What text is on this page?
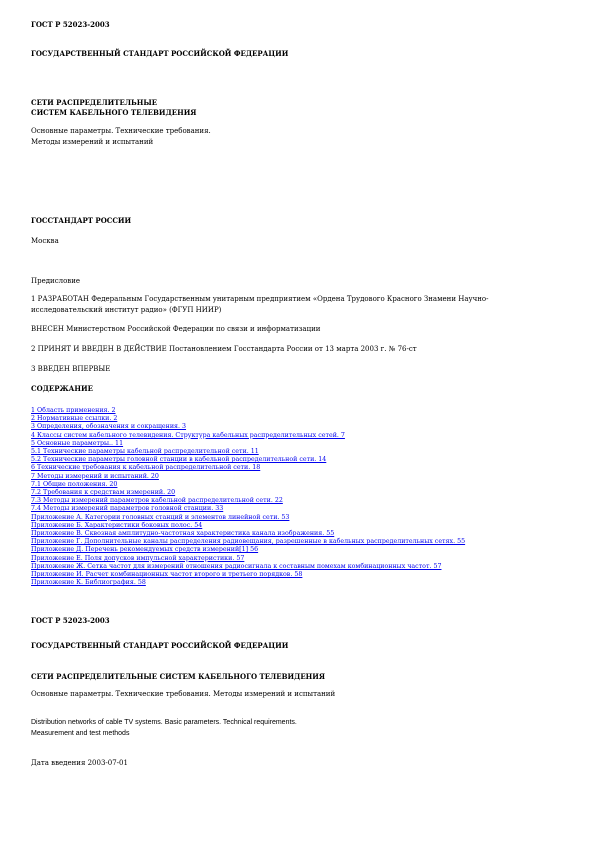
ГОСТ Р 52023-2003
ГОСУДАРСТВЕННЫЙ СТАНДАРТ РОССИЙСКОЙ ФЕДЕРАЦИИ
СЕТИ РАСПРЕДЕЛИТЕЛЬНЫЕ
СИСТЕМ КАБЕЛЬНОГО ТЕЛЕВИДЕНИЯ
Основные параметры. Технические требования.
Методы измерений и испытаний
ГОССТАНДАРТ РОССИИ
Москва
Предисловие
1 РАЗРАБОТАН Федеральным Государственным унитарным предприятием «Ордена Трудового Красного Знамени Научно-
исследовательский институт радио» (ФГУП НИИР)
ВНЕСЕН Министерством Российской Федерации по связи и информатизации
2 ПРИНЯТ И ВВЕДЕН В ДЕЙСТВИЕ Постановлением Госстандарта России от 13 марта 2003 г. № 76-ст
3 ВВЕДЕН ВПЕРВЫЕ
СОДЕРЖАНИЕ
1 Область применения. 2
2 Нормативные ссылки. 2
3 Определения, обозначения и сокращения. 3
4 Классы систем кабельного телевидения. Структура кабельных распределительных сетей. 7
5 Основные параметры.. 11
5.1 Технические параметры кабельной распределительной сети. 11
5.2 Технические параметры головной станции в кабельной распределительной сети. 14
6 Технические требования к кабельной распределительной сети. 18
7 Методы измерений и испытаний. 20
7.1 Общие положения. 20
7.2 Требования к средствам измерений. 20
7.3 Методы измерений параметров кабельной распределительной сети. 22
7.4 Методы измерений параметров головной станции. 33
Приложение А. Категории головных станций и элементов линейной сети. 53
Приложение Б. Характеристики боковых полос. 54
Приложение В. Сквозная амплитудно-частотная характеристика канала изображения. 55
Приложение Г. Дополнительные каналы распределения радиовещания, разрешенные в кабельных распределительных сетях. 55
Приложение Д. Перечень рекомендуемых средств измерений[1] 56
Приложение Е. Поля допусков импульсной характеристики. 57
Приложение Ж. Сетка частот для измерений отношения радиосигнала к составным помехам комбинационных частот. 57
Приложение И. Расчет комбинационных частот второго и третьего порядков. 58
Приложение К. Библиография. 58
ГОСТ Р 52023-2003
ГОСУДАРСТВЕННЫЙ СТАНДАРТ РОССИЙСКОЙ ФЕДЕРАЦИИ
СЕТИ РАСПРЕДЕЛИТЕЛЬНЫЕ СИСТЕМ КАБЕЛЬНОГО ТЕЛЕВИДЕНИЯ
Основные параметры. Технические требования. Методы измерений и испытаний
Distribution networks of cable TV systems. Basic parameters. Technical requirements.
Measurement and test methods
Дата введения 2003-07-01
